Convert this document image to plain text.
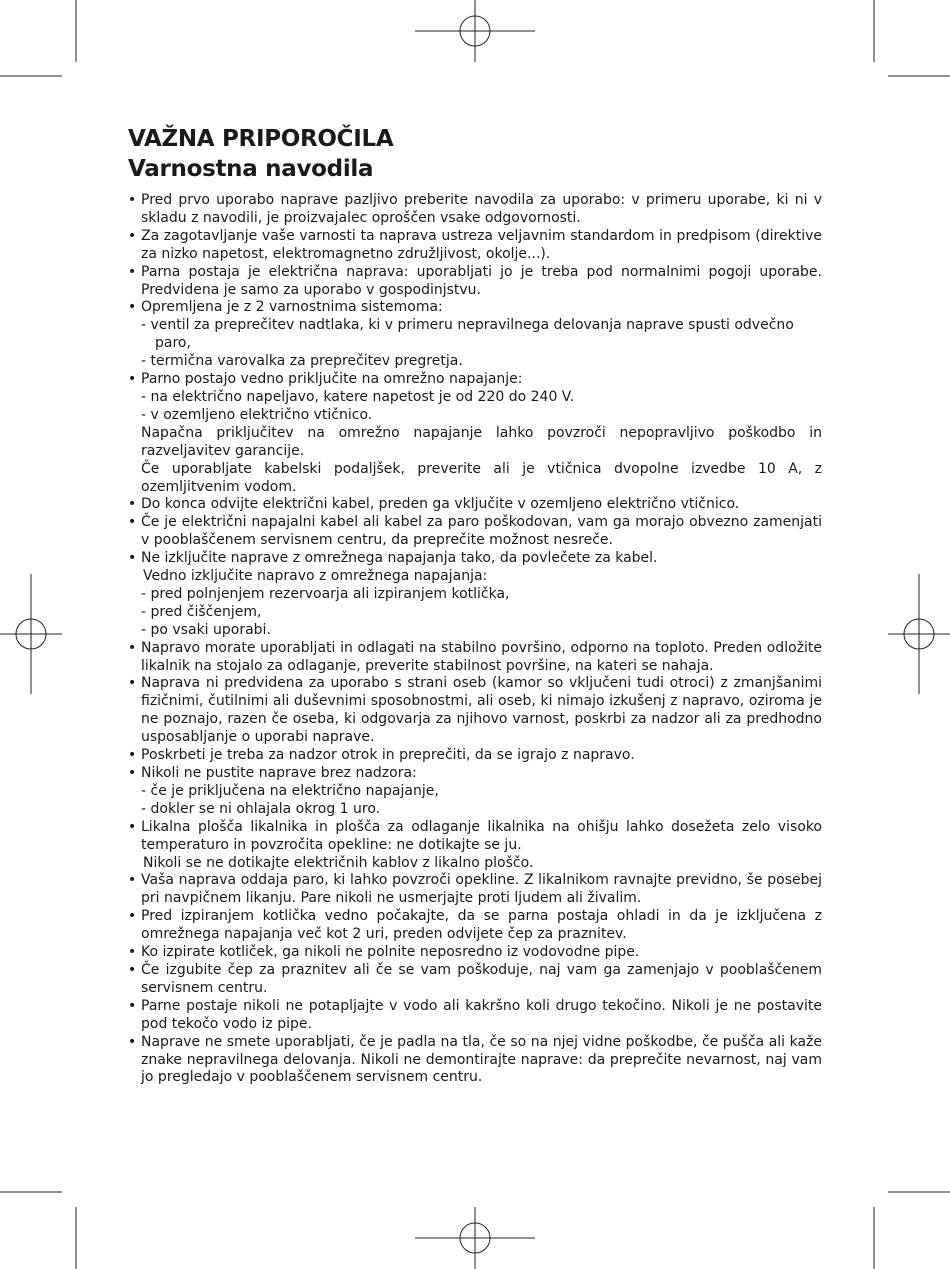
VAŽNA PRIPOROČILA
Varnostna navodila
• Pred prvo uporabo naprave pazljivo preberite navodila za uporabo: v primeru uporabe, ki ni v skladu z navodili, je proizvajalec oproščen vsake odgovornosti.
• Za zagotavljanje vaše varnosti ta naprava ustreza veljavnim standardom in predpisom (direktive za nizko napetost, elektromagnetno združljivost, okolje...).
• Parna postaja je električna naprava: uporabljati jo je treba pod normalnimi pogoji uporabe. Predvidena je samo za uporabo v gospodinjstvu.
• Opremljena je z 2 varnostnima sistemoma:
- ventil za preprečitev nadtlaka, ki v primeru nepravilnega delovanja naprave spusti odvečno
paro,
- termična varovalka za preprečitev pregretja.
• Parno postajo vedno priključite na omrežno napajanje:
- na električno napeljavo, katere napetost je od 220 do 240 V.
- v ozemljeno električno vtičnico.
Napačna priključitev na omrežno napajanje lahko povzroči nepopravljivo poškodbo in razveljavitev garancije.
Če uporabljate kabelski podaljšek, preverite ali je vtičnica dvopolne izvedbe 10 A, z ozemljitvenim vodom.
• Do konca odvijte električni kabel, preden ga vključite v ozemljeno električno vtičnico.
• Če je električni napajalni kabel ali kabel za paro poškodovan, vam ga morajo obvezno zamenjati v pooblaščenem servisnem centru, da preprečite možnost nesreče.
• Ne izključite naprave z omrežnega napajanja tako, da povlečete za kabel.
Vedno izključite napravo z omrežnega napajanja:
- pred polnjenjem rezervoarja ali izpiranjem kotlička,
- pred čiščenjem,
- po vsaki uporabi.
• Napravo morate uporabljati in odlagati na stabilno površino, odporno na toploto. Preden odložite likalnik na stojalo za odlaganje, preverite stabilnost površine, na kateri se nahaja.
• Naprava ni predvidena za uporabo s strani oseb (kamor so vključeni tudi otroci) z zmanjšanimi fizičnimi, čutilnimi ali duševnimi sposobnostmi, ali oseb, ki nimajo izkušenj z napravo, oziroma je ne poznajo, razen če oseba, ki odgovarja za njihovo varnost, poskrbi za nadzor ali za predhodno usposabljanje o uporabi naprave.
• Poskrbeti je treba za nadzor otrok in preprečiti, da se igrajo z napravo.
• Nikoli ne pustite naprave brez nadzora:
- če je priključena na električno napajanje,
- dokler se ni ohlajala okrog 1 uro.
• Likalna plošča likalnika in plošča za odlaganje likalnika na ohišju lahko dosežeta zelo visoko temperaturo in povzročita opekline: ne dotikajte se ju.
Nikoli se ne dotikajte električnih kablov z likalno ploščo.
• Vaša naprava oddaja paro, ki lahko povzroči opekline. Z likalnikom ravnajte previdno, še posebej pri navpičnem likanju. Pare nikoli ne usmerjajte proti ljudem ali živalim.
• Pred izpiranjem kotlička vedno počakajte, da se parna postaja ohladi in da je izključena z omrežnega napajanja več kot 2 uri, preden odvijete čep za praznitev.
• Ko izpirate kotliček, ga nikoli ne polnite neposredno iz vodovodne pipe.
• Če izgubite čep za praznitev ali če se vam poškoduje, naj vam ga zamenjajo v pooblaščenem servisnem centru.
• Parne postaje nikoli ne potapljajte v vodo ali kakršno koli drugo tekočino. Nikoli je ne postavite pod tekočo vodo iz pipe.
• Naprave ne smete uporabljati, če je padla na tla, če so na njej vidne poškodbe, če pušča ali kaže znake nepravilnega delovanja. Nikoli ne demontirajte naprave: da preprečite nevarnost, naj vam jo pregledajo v pooblaščenem servisnem centru.
